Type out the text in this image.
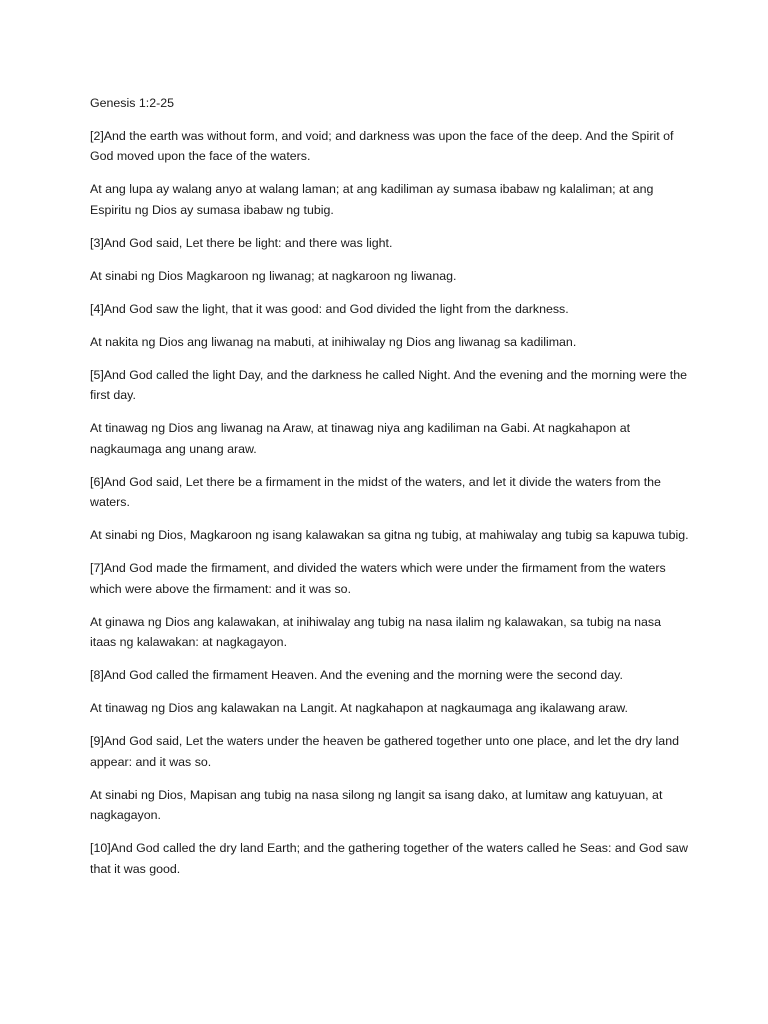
Genesis 1:2-25

[2]And the earth was without form, and void; and darkness was upon the face of the deep. And the Spirit of God moved upon the face of the waters.

At ang lupa ay walang anyo at walang laman; at ang kadiliman ay sumasa ibabaw ng kalaliman; at ang Espiritu ng Dios ay sumasa ibabaw ng tubig.

[3]And God said, Let there be light: and there was light.

At sinabi ng Dios Magkaroon ng liwanag; at nagkaroon ng liwanag.

[4]And God saw the light, that it was good: and God divided the light from the darkness.

At nakita ng Dios ang liwanag na mabuti, at inihiwalay ng Dios ang liwanag sa kadiliman.

[5]And God called the light Day, and the darkness he called Night. And the evening and the morning were the first day.

At tinawag ng Dios ang liwanag na Araw, at tinawag niya ang kadiliman na Gabi. At nagkahapon at nagkaumaga ang unang araw.

[6]And God said, Let there be a firmament in the midst of the waters, and let it divide the waters from the waters.

At sinabi ng Dios, Magkaroon ng isang kalawakan sa gitna ng tubig, at mahiwalay ang tubig sa kapuwa tubig.

[7]And God made the firmament, and divided the waters which were under the firmament from the waters which were above the firmament: and it was so.

At ginawa ng Dios ang kalawakan, at inihiwalay ang tubig na nasa ilalim ng kalawakan, sa tubig na nasa itaas ng kalawakan: at nagkagayon.

[8]And God called the firmament Heaven. And the evening and the morning were the second day.

At tinawag ng Dios ang kalawakan na Langit. At nagkahapon at nagkaumaga ang ikalawang araw.

[9]And God said, Let the waters under the heaven be gathered together unto one place, and let the dry land appear: and it was so.

At sinabi ng Dios, Mapisan ang tubig na nasa silong ng langit sa isang dako, at lumitaw ang katuyuan, at nagkagayon.

[10]And God called the dry land Earth; and the gathering together of the waters called he Seas: and God saw that it was good.
